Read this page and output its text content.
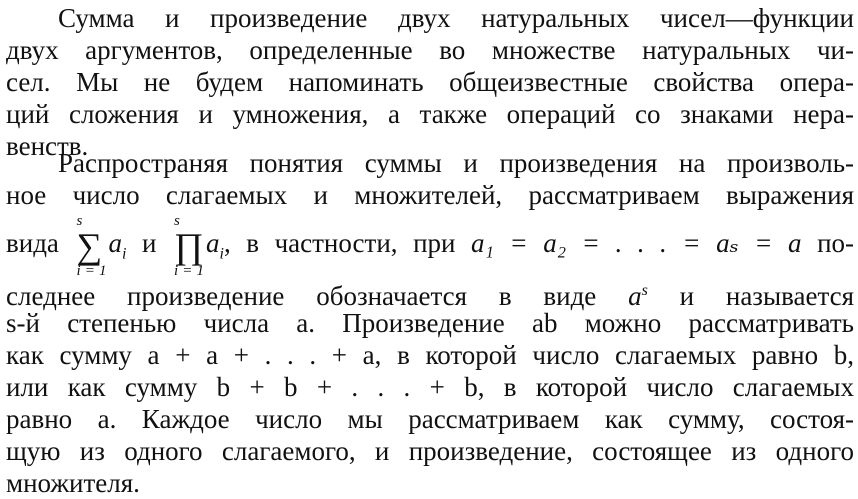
Сумма и произведение двух натуральных чисел—функции
двух аргументов, определенные во множестве натуральных чи-
сел. Мы не будем напоминать общеизвестные свойства опера-
ций сложения и умножения, а также операций со знаками нера-
венств.
Распространяя понятия суммы и произведения на произволь-
ное число слагаемых и множителей, рассматриваем выражения
вида
s
∑
i = 1
$a_i$ и
s
∏
i = 1
$a_i$, в частности, при a₁ = a₂ = . . . = aₛ = a по-
следнее произведение обозначается в виде $a^s$ и называется
s-й степенью числа a. Произведение ab можно рассматривать
как сумму a + a + . . . + a, в которой число слагаемых равно b,
или как сумму b + b + . . . + b, в которой число слагаемых
равно a. Каждое число мы рассматриваем как сумму, состоя-
щую из одного слагаемого, и произведение, состоящее из одного
множителя.
